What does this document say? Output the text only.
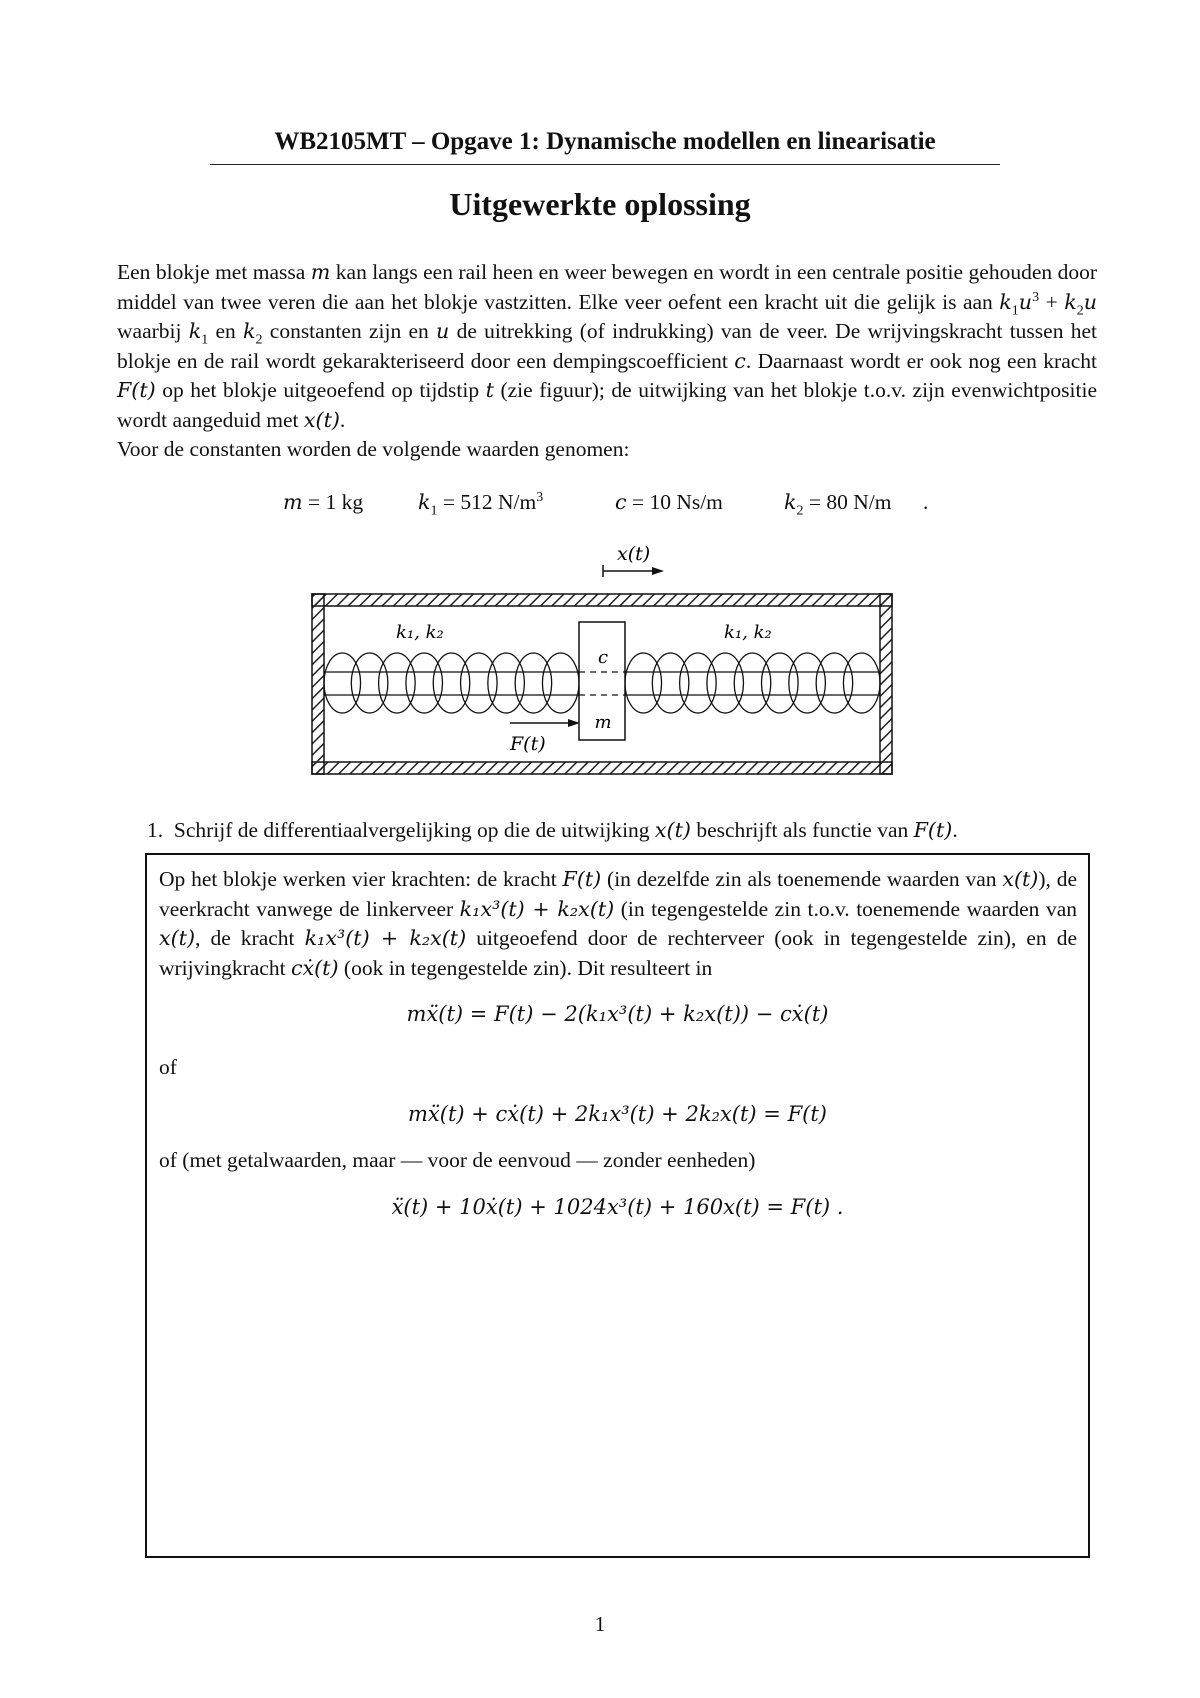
WB2105MT – Opgave 1: Dynamische modellen en linearisatie
Uitgewerkte oplossing

Een blokje met massa m kan langs een rail heen en weer bewegen en wordt in een centrale positie gehouden door middel van twee veren die aan het blokje vastzitten. Elke veer oefent een kracht uit die gelijk is aan $k_1u^3 + k_2u$ waarbij $k_1$ en $k_2$ constanten zijn en u de uitrekking (of indrukking) van de veer. De wrijvingskracht tussen het blokje en de rail wordt gekarakteriseerd door een dempingscoefficient c. Daarnaast wordt er ook nog een kracht F(t) op het blokje uitgeoefend op tijdstip t (zie figuur); de uitwijking van het blokje t.o.v. zijn evenwichtpositie wordt aangeduid met x(t).

Voor de constanten worden de volgende waarden genomen:

m = 1 kg	$k_1 = 512$ $N/m^3$	c = 10 Ns/m	$k_2 = 80$ N/m .
x(t)
c
m
k₁, k₂	k₁, k₂
F(t)
1. Schrijf de differentiaalvergelijking op die de uitwijking x(t) beschrijft als functie van F(t).

Op het blokje werken vier krachten: de kracht F(t) (in dezelfde zin als toenemende waarden van x(t)), de veerkracht vanwege de linkerveer k₁x³(t) + k₂x(t) (in tegengestelde zin t.o.v. toenemende waarden van x(t), de kracht k₁x³(t) + k₂x(t) uitgeoefend door de rechterveer (ook in tegengestelde zin), en de wrijvingkracht cẋ(t) (ook in tegengestelde zin). Dit resulteert in

mẍ(t) = F(t) − 2(k₁x³(t) + k₂x(t)) − cẋ(t)
of
mẍ(t) + cẋ(t) + 2k₁x³(t) + 2k₂x(t) = F(t)
of (met getalwaarden, maar — voor de eenvoud — zonder eenheden)
ẍ(t) + 10ẋ(t) + 1024x³(t) + 160x(t) = F(t) .
1
